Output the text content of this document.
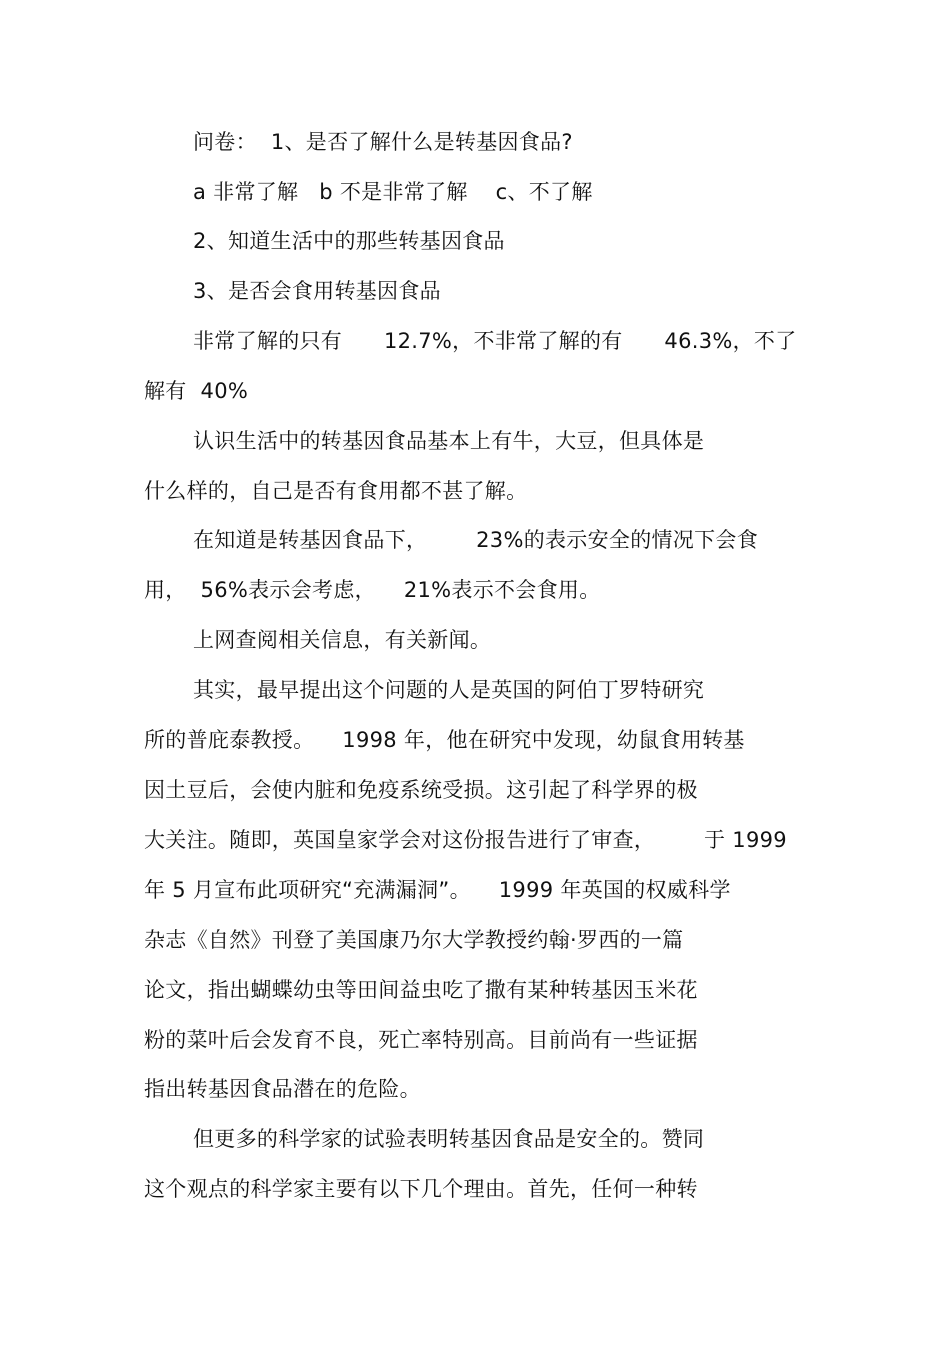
问卷：  1、是否了解什么是转基因食品?
a 非常了解   b 不是非常了解    c、不了解
2、知道生活中的那些转基因食品
3、是否会食用转基因食品
非常了解的只有      12.7%，不非常了解的有      46.3%，不了
解有  40%
认识生活中的转基因食品基本上有牛，大豆，但具体是
什么样的，自己是否有食用都不甚了解。
在知道是转基因食品下，       23%的表示安全的情况下会食
用，  56%表示会考虑，    21%表示不会食用。
上网查阅相关信息，有关新闻。
其实，最早提出这个问题的人是英国的阿伯丁罗特研究
所的普庇泰教授。    1998 年，他在研究中发现，幼鼠食用转基
因土豆后，会使内脏和免疫系统受损。这引起了科学界的极
大关注。随即，英国皇家学会对这份报告进行了审查，       于 1999
年 5 月宣布此项研究“充满漏洞”。    1999 年英国的权威科学
杂志《自然》刊登了美国康乃尔大学教授约翰·罗西的一篇
论文，指出蝴蝶幼虫等田间益虫吃了撒有某种转基因玉米花
粉的菜叶后会发育不良，死亡率特别高。目前尚有一些证据
指出转基因食品潜在的危险。
但更多的科学家的试验表明转基因食品是安全的。赞同
这个观点的科学家主要有以下几个理由。首先，任何一种转
